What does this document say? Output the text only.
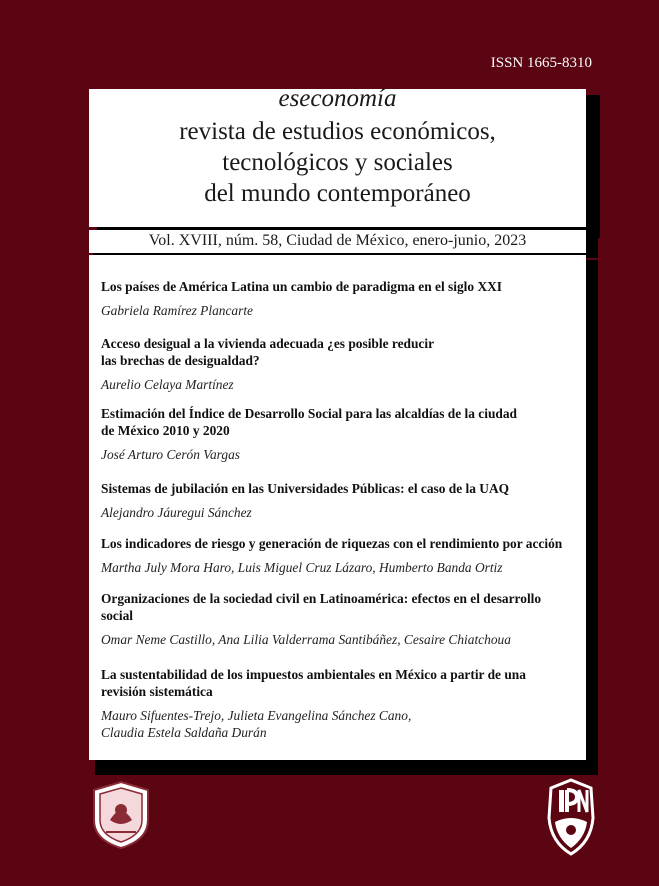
ISSN 1665-8310
eseconomía
revista de estudios económicos,
tecnológicos y sociales
del mundo contemporáneo
Vol. XVIII, núm. 58, Ciudad de México, enero-junio, 2023
Los países de América Latina un cambio de paradigma en el siglo XXI
Gabriela Ramírez Plancarte
Acceso desigual a la vivienda adecuada ¿es posible reducir
las brechas de desigualdad?
Aurelio Celaya Martínez
Estimación del Índice de Desarrollo Social para las alcaldías de la ciudad
de México 2010 y 2020
José Arturo Cerón Vargas
Sistemas de jubilación en las Universidades Públicas: el caso de la UAQ
Alejandro Jáuregui Sánchez
Los indicadores de riesgo y generación de riquezas con el rendimiento por acción
Martha July Mora Haro, Luis Miguel Cruz Lázaro, Humberto Banda Ortiz
Organizaciones de la sociedad civil en Latinoamérica: efectos en el desarrollo
social
Omar Neme Castillo, Ana Lilia Valderrama Santibáñez, Cesaire Chiatchoua
La sustentabilidad de los impuestos ambientales en México a partir de una
revisión sistemática
Mauro Sifuentes-Trejo, Julieta Evangelina Sánchez Cano,
Claudia Estela Saldaña Durán
